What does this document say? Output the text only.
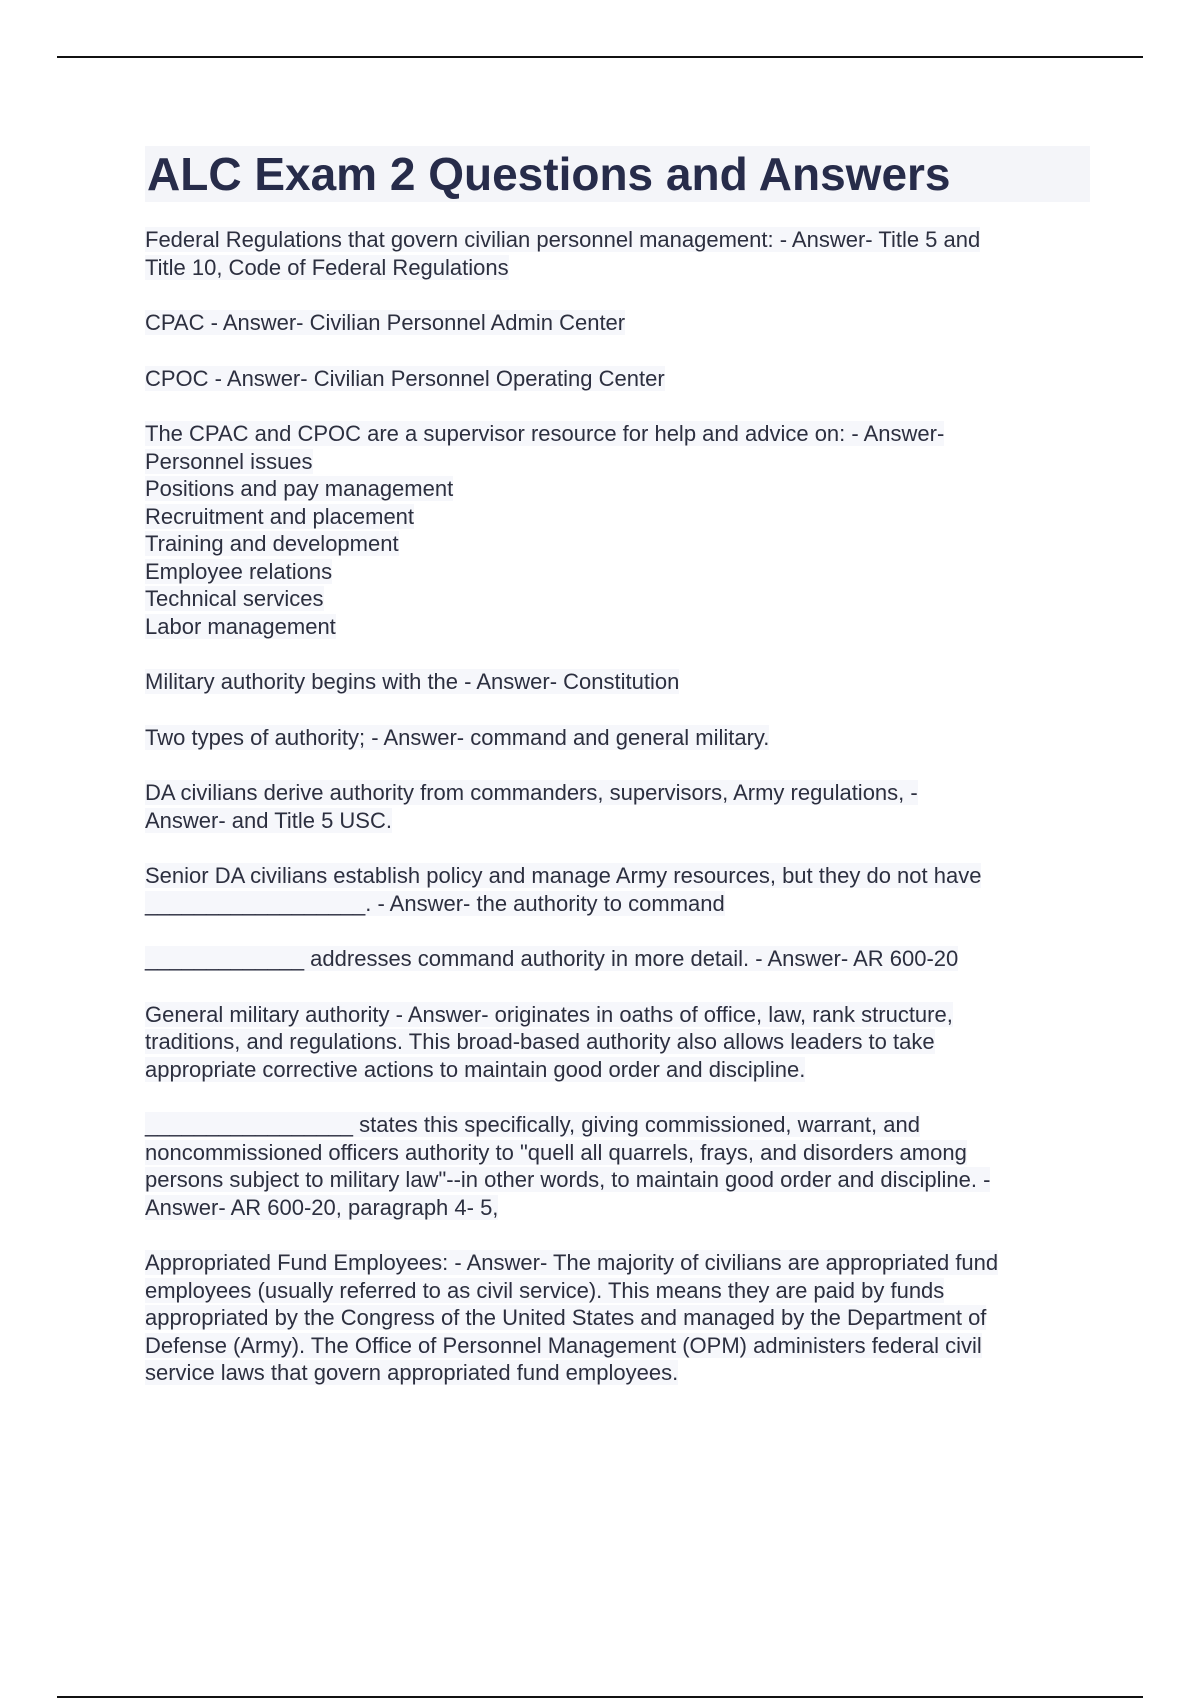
ALC Exam 2 Questions and Answers

Federal Regulations that govern civilian personnel management: - Answer- Title 5 and
Title 10, Code of Federal Regulations

CPAC - Answer- Civilian Personnel Admin Center

CPOC - Answer- Civilian Personnel Operating Center

The CPAC and CPOC are a supervisor resource for help and advice on: - Answer-
Personnel issues
Positions and pay management
Recruitment and placement
Training and development
Employee relations
Technical services
Labor management

Military authority begins with the - Answer- Constitution

Two types of authority; - Answer- command and general military.

DA civilians derive authority from commanders, supervisors, Army regulations, -
Answer- and Title 5 USC.

Senior DA civilians establish policy and manage Army resources, but they do not have
__________________. - Answer- the authority to command

_____________ addresses command authority in more detail. - Answer- AR 600-20

General military authority - Answer- originates in oaths of office, law, rank structure,
traditions, and regulations. This broad-based authority also allows leaders to take
appropriate corrective actions to maintain good order and discipline.

_________________ states this specifically, giving commissioned, warrant, and
noncommissioned officers authority to "quell all quarrels, frays, and disorders among
persons subject to military law"--in other words, to maintain good order and discipline. -
Answer- AR 600-20, paragraph 4- 5,

Appropriated Fund Employees: - Answer- The majority of civilians are appropriated fund
employees (usually referred to as civil service). This means they are paid by funds
appropriated by the Congress of the United States and managed by the Department of
Defense (Army). The Office of Personnel Management (OPM) administers federal civil
service laws that govern appropriated fund employees.
